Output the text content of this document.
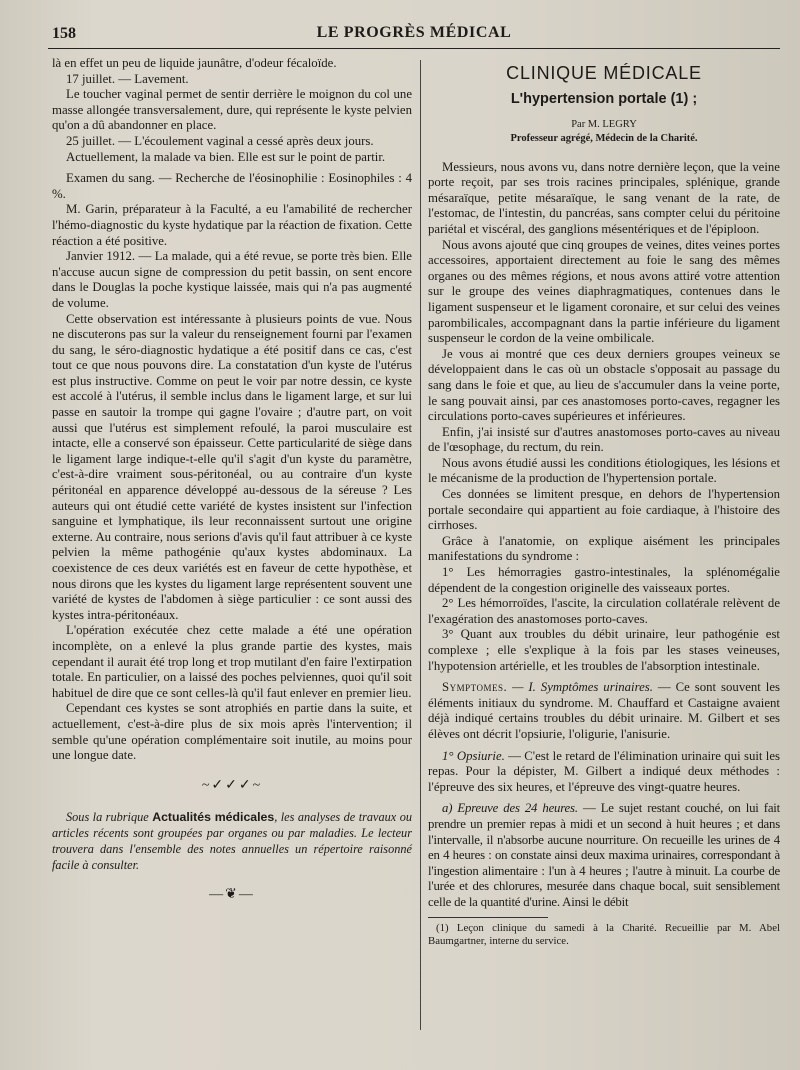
158	LE PROGRÈS MÉDICAL

là en effet un peu de liquide jaunâtre, d'odeur fécaloïde.

17 juillet. — Lavement.

Le toucher vaginal permet de sentir derrière le moignon du col une masse allongée transversalement, dure, qui représente le kyste pelvien qu'on a dû abandonner en place.

25 juillet. — L'écoulement vaginal a cessé après deux jours.

Actuellement, la malade va bien. Elle est sur le point de partir.

Examen du sang. — Recherche de l'éosinophilie : Eosinophiles : 4 %.

M. Garin, préparateur à la Faculté, a eu l'amabilité de rechercher l'hémo-diagnostic du kyste hydatique par la réaction de fixation. Cette réaction a été positive.

Janvier 1912. — La malade, qui a été revue, se porte très bien. Elle n'accuse aucun signe de compression du petit bassin, on sent encore dans le Douglas la poche kystique laissée, mais qui n'a pas augmenté de volume.

Cette observation est intéressante à plusieurs points de vue. Nous ne discuterons pas sur la valeur du renseignement fourni par l'examen du sang, le séro-diagnostic hydatique a été positif dans ce cas, c'est tout ce que nous pouvons dire. La constatation d'un kyste de l'utérus est plus instructive. Comme on peut le voir par notre dessin, ce kyste est accolé à l'utérus, il semble inclus dans le ligament large, et sur lui passe en sautoir la trompe qui gagne l'ovaire ; d'autre part, on voit aussi que l'utérus est simplement refoulé, la paroi musculaire est intacte, elle a conservé son épaisseur. Cette particularité de siège dans le ligament large indique-t-elle qu'il s'agit d'un kyste du paramètre, c'est-à-dire vraiment sous-péritonéal, ou au contraire d'un kyste péritonéal en apparence développé au-dessous de la séreuse ? Les auteurs qui ont étudié cette variété de kystes insistent sur l'infection sanguine et lymphatique, ils leur reconnaissent surtout une origine externe. Au contraire, nous serions d'avis qu'il faut attribuer à ce kyste pelvien la même pathogénie qu'aux kystes abdominaux. La coexistence de ces deux variétés est en faveur de cette hypothèse, et nous dirons que les kystes du ligament large représentent souvent une variété de kystes de l'abdomen à siège particulier : ce sont aussi des kystes intra-péritonéaux.

L'opération exécutée chez cette malade a été une opération incomplète, on a enlevé la plus grande partie des kystes, mais cependant il aurait été trop long et trop mutilant d'en faire l'extirpation totale. En particulier, on a laissé des poches pelviennes, quoi qu'il soit habituel de dire que ce sont celles-là qu'il faut enlever en premier lieu.

Cependant ces kystes se sont atrophiés en partie dans la suite, et actuellement, c'est-à-dire plus de six mois après l'intervention; il semble qu'une opération complémentaire soit inutile, au moins pour une longue date.

~✓✓✓~

Sous la rubrique Actualités médicales, les analyses de travaux ou articles récents sont groupées par organes ou par maladies. Le lecteur trouvera dans l'ensemble des notes annuelles un répertoire raisonné facile à consulter.

—❦—
CLINIQUE MÉDICALE
L'hypertension portale (1) ;
Par M. LEGRY
Professeur agrégé, Médecin de la Charité.

Messieurs, nous avons vu, dans notre dernière leçon, que la veine porte reçoit, par ses trois racines principales, splénique, grande mésaraïque, petite mésaraïque, le sang venant de la rate, de l'estomac, de l'intestin, du pancréas, sans compter celui du péritoine pariétal et viscéral, des ganglions mésentériques et de l'épiploon.

Nous avons ajouté que cinq groupes de veines, dites veines portes accessoires, apportaient directement au foie le sang des mêmes organes ou des mêmes régions, et nous avons attiré votre attention sur le groupe des veines diaphragmatiques, contenues dans le ligament suspenseur et le ligament coronaire, et sur celui des veines parombilicales, accompagnant dans la partie inférieure du ligament suspenseur le cordon de la veine ombilicale.

Je vous ai montré que ces deux derniers groupes veineux se développaient dans le cas où un obstacle s'opposait au passage du sang dans le foie et que, au lieu de s'accumuler dans la veine porte, le sang pouvait ainsi, par ces anastomoses porto-caves, regagner les circulations porto-caves supérieures et inférieures.

Enfin, j'ai insisté sur d'autres anastomoses porto-caves au niveau de l'œsophage, du rectum, du rein.

Nous avons étudié aussi les conditions étiologiques, les lésions et le mécanisme de la production de l'hypertension portale.

Ces données se limitent presque, en dehors de l'hypertension portale secondaire qui appartient au foie cardiaque, à l'histoire des cirrhoses.

Grâce à l'anatomie, on explique aisément les principales manifestations du syndrome :

1° Les hémorragies gastro-intestinales, la splénomégalie dépendent de la congestion originelle des vaisseaux portes.

2° Les hémorroïdes, l'ascite, la circulation collatérale relèvent de l'exagération des anastomoses porto-caves.

3° Quant aux troubles du débit urinaire, leur pathogénie est complexe ; elle s'explique à la fois par les stases veineuses, l'hypotension artérielle, et les troubles de l'absorption intestinale.

Symptomes. — I. Symptômes urinaires. — Ce sont souvent les éléments initiaux du syndrome. M. Chauffard et Castaigne avaient déjà indiqué certains troubles du débit urinaire. M. Gilbert et ses élèves ont décrit l'opsiurie, l'oligurie, l'anisurie.

1° Opsiurie. — C'est le retard de l'élimination urinaire qui suit les repas. Pour la dépister, M. Gilbert a indiqué deux méthodes : l'épreuve des six heures, et l'épreuve des vingt-quatre heures.

a) Epreuve des 24 heures. — Le sujet restant couché, on lui fait prendre un premier repas à midi et un second à huit heures ; et dans l'intervalle, il n'absorbe aucune nourriture. On recueille les urines de 4 en 4 heures : on constate ainsi deux maxima urinaires, correspondant à l'ingestion alimentaire : l'un à 4 heures ; l'autre à minuit. La courbe de l'urée et des chlorures, mesurée dans chaque bocal, suit sensiblement celle de la quantité d'urine. Ainsi le débit

(1) Leçon clinique du samedi à la Charité. Recueillie par M. Abel Baumgartner, interne du service.
